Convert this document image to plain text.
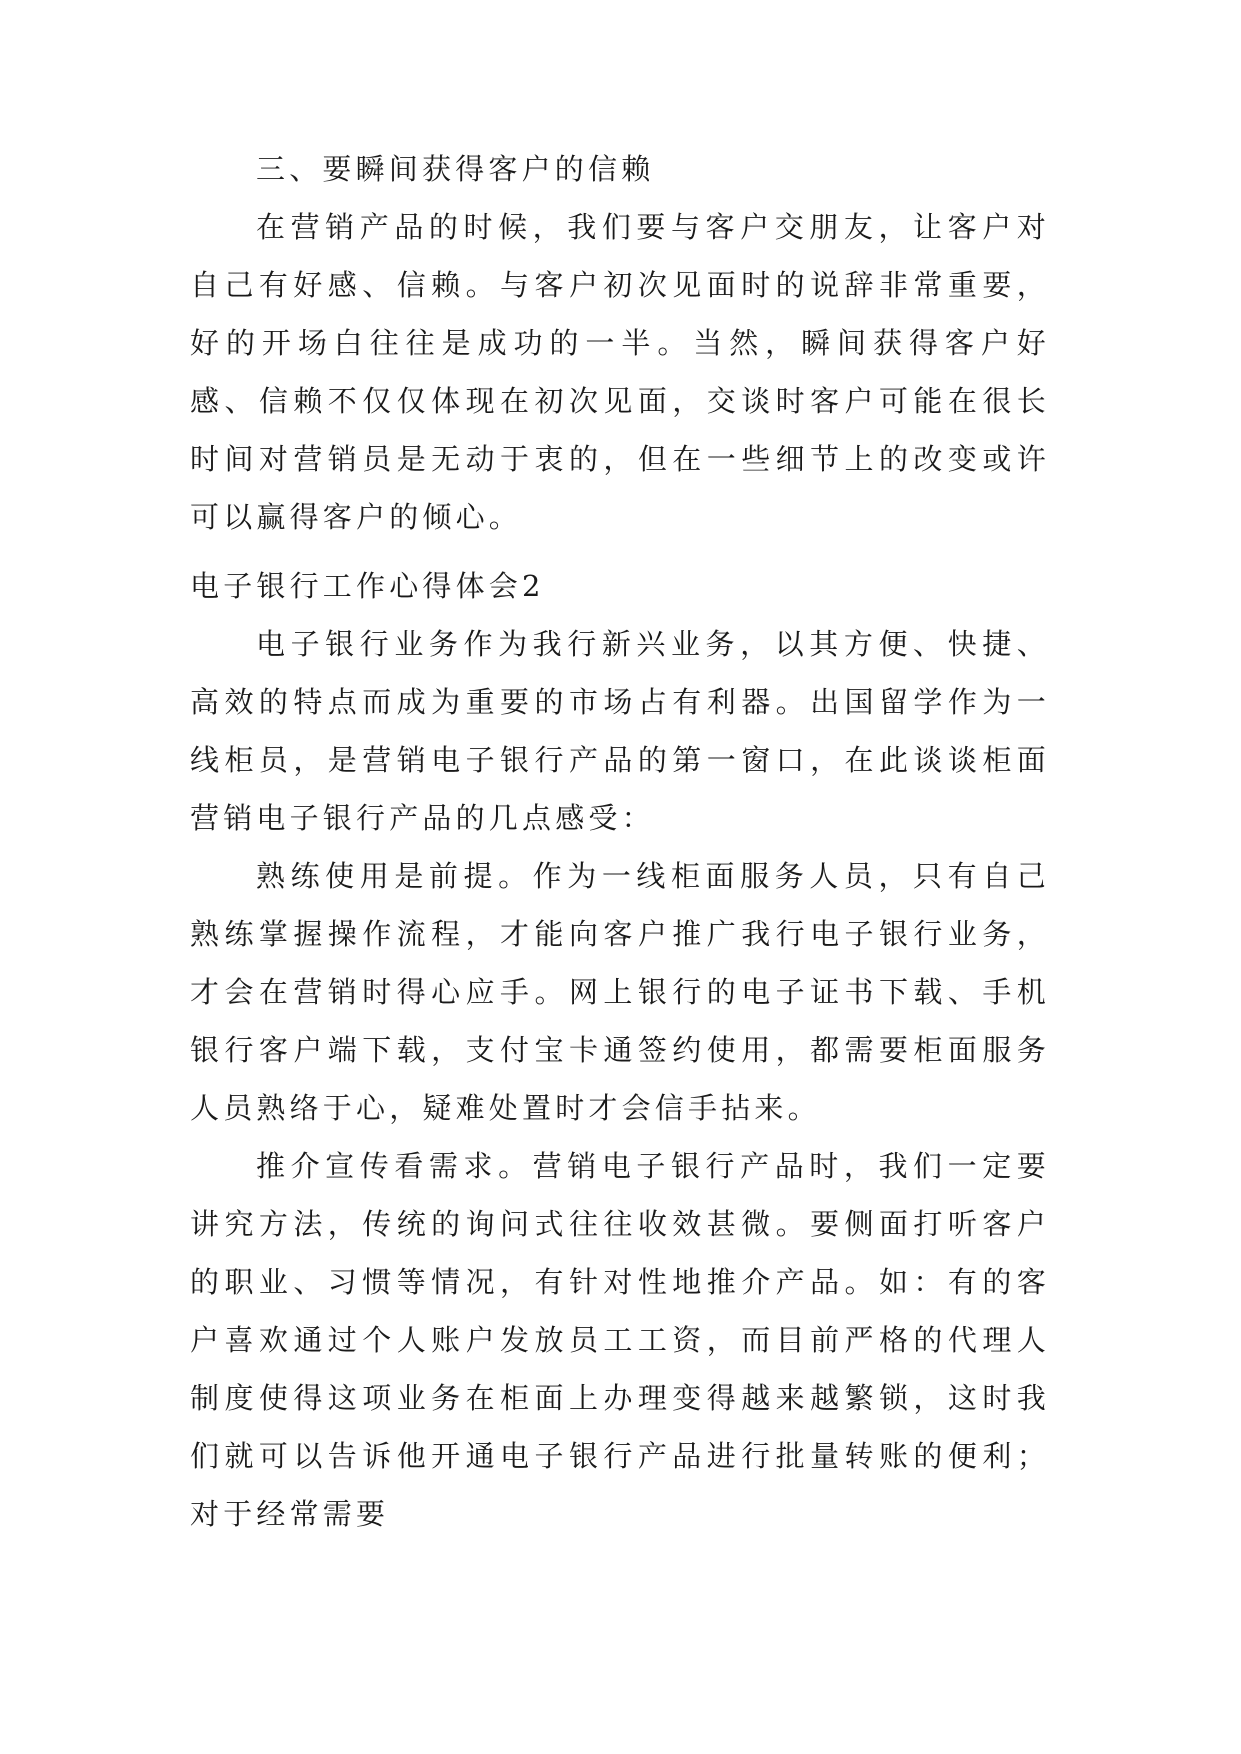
三、要瞬间获得客户的信赖

在营销产品的时候，我们要与客户交朋友，让客户对自己有好感、信赖。与客户初次见面时的说辞非常重要，好的开场白往往是成功的一半。当然，瞬间获得客户好感、信赖不仅仅体现在初次见面，交谈时客户可能在很长时间对营销员是无动于衷的，但在一些细节上的改变或许可以赢得客户的倾心。

电子银行工作心得体会2

电子银行业务作为我行新兴业务，以其方便、快捷、高效的特点而成为重要的市场占有利器。出国留学作为一线柜员，是营销电子银行产品的第一窗口，在此谈谈柜面营销电子银行产品的几点感受：

熟练使用是前提。作为一线柜面服务人员，只有自己熟练掌握操作流程，才能向客户推广我行电子银行业务，才会在营销时得心应手。网上银行的电子证书下载、手机银行客户端下载，支付宝卡通签约使用，都需要柜面服务人员熟络于心，疑难处置时才会信手拈来。

推介宣传看需求。营销电子银行产品时，我们一定要讲究方法，传统的询问式往往收效甚微。要侧面打听客户的职业、习惯等情况，有针对性地推介产品。如：有的客户喜欢通过个人账户发放员工工资，而目前严格的代理人制度使得这项业务在柜面上办理变得越来越繁锁，这时我们就可以告诉他开通电子银行产品进行批量转账的便利；对于经常需要
